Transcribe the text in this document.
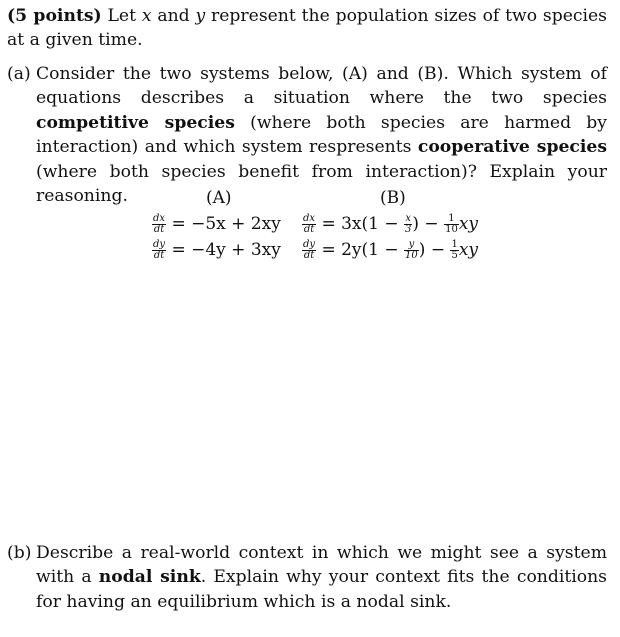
(5 points) Let x and y represent the population sizes of two species at a given time.
(a) Consider the two systems below, (A) and (B). Which system of equations describes a situation where the two species competitive species (where both species are harmed by interaction) and which system respresents cooperative species (where both species benefit from interaction)? Explain your reasoning.	(A)	(B)
$\frac{dx}{dt} = -5x + 2xy$
$\frac{dy}{dt} = -4y + 3xy$
$\frac{dx}{dt} = 3x(1 - \frac{x}{3}$ ) − $\frac{1}{10}$ xy
$\frac{dy}{dt} = 2y(1 - \frac{y}{10}$ ) − $\frac{1}{5}$ xy
(b) Describe a real-world context in which we might see a system with a nodal sink. Explain why your context fits the conditions for having an equilibrium which is a nodal sink.
